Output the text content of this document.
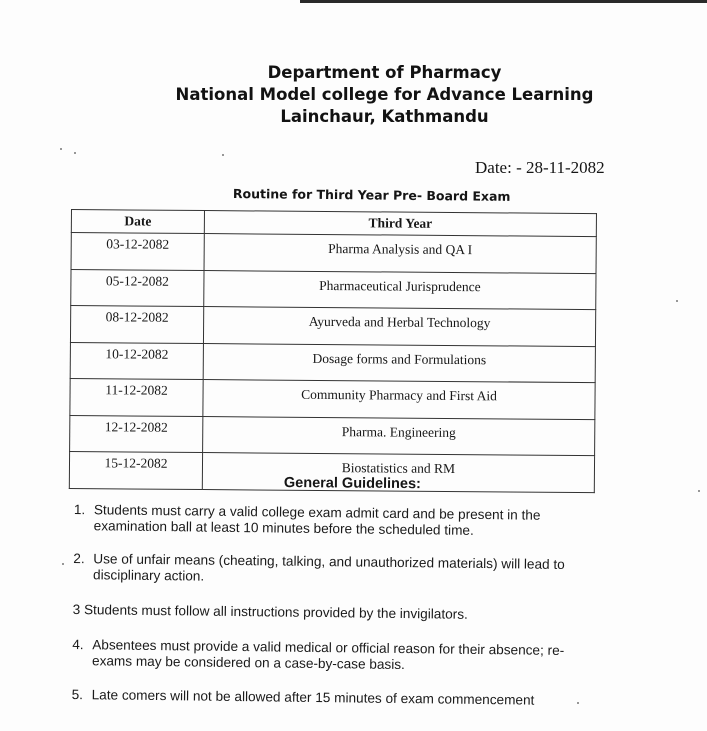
Department of Pharmacy
National Model college for Advance Learning
Lainchaur, Kathmandu
Date: - 28-11-2082
Routine for Third Year Pre- Board Exam
Date	Third Year
03-12-2082	Pharma Analysis and QA I
05-12-2082	Pharmaceutical Jurisprudence
08-12-2082	Ayurveda and Herbal Technology
10-12-2082	Dosage forms and Formulations
11-12-2082	Community Pharmacy and First Aid
12-12-2082	Pharma. Engineering
15-12-2082	Biostatistics and RM
General Guidelines:
1. Students must carry a valid college exam admit card and be present in the examination ball at least 10 minutes before the scheduled time.
2. Use of unfair means (cheating, talking, and unauthorized materials) will lead to disciplinary action.
3 Students must follow all instructions provided by the invigilators.
4. Absentees must provide a valid medical or official reason for their absence; re- exams may be considered on a case-by-case basis.
5. Late comers will not be allowed after 15 minutes of exam commencement
